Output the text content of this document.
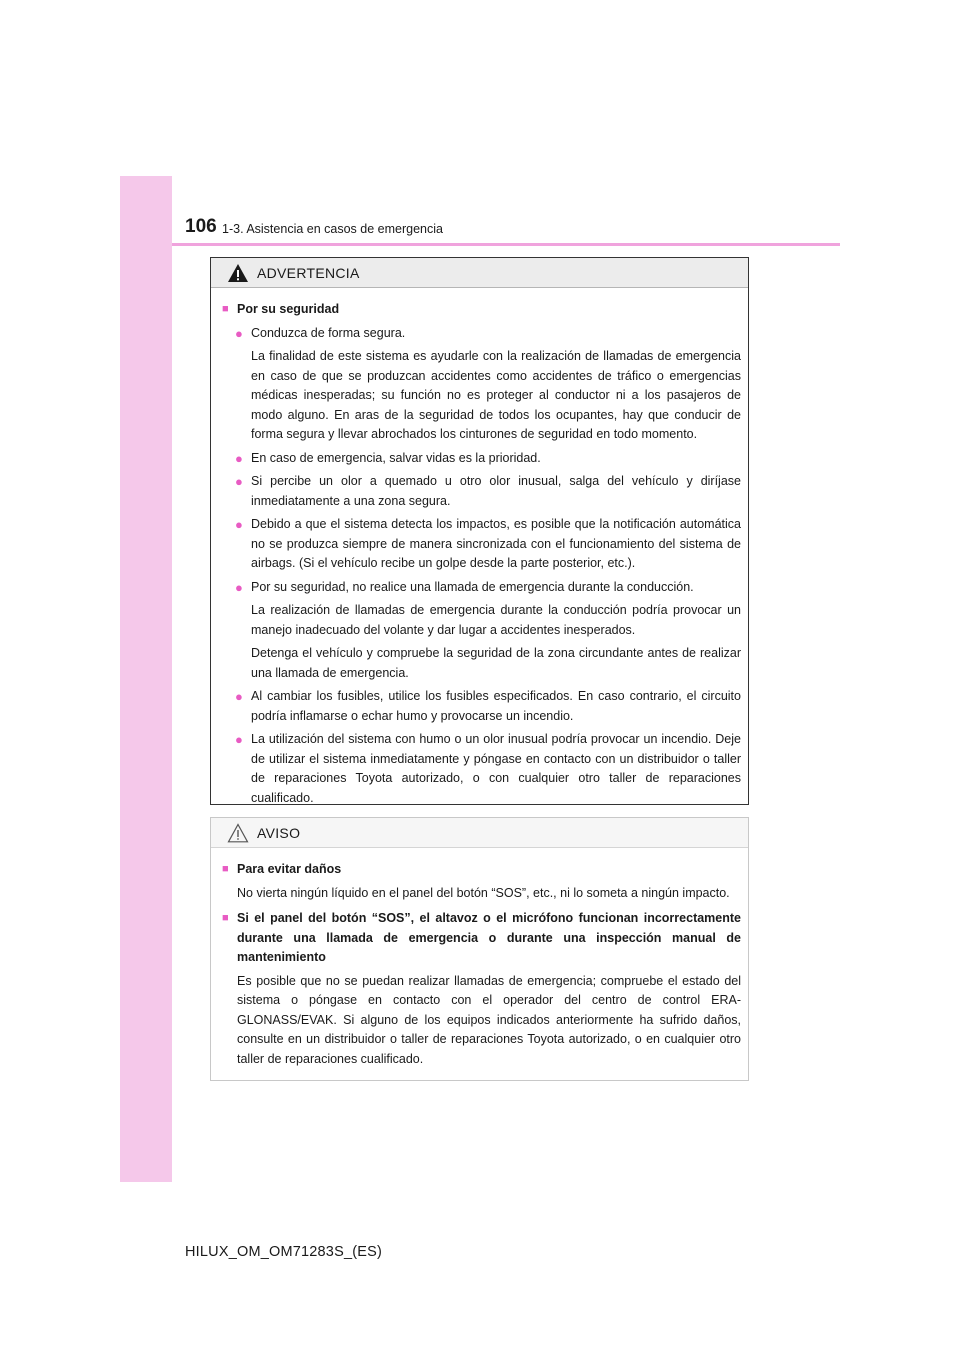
106 1-3. Asistencia en casos de emergencia
ADVERTENCIA
■ Por su seguridad
● Conduzca de forma segura.
La finalidad de este sistema es ayudarle con la realización de llamadas de emergencia en caso de que se produzcan accidentes como accidentes de tráfico o emergencias médicas inesperadas; su función no es proteger al conductor ni a los pasajeros de modo alguno. En aras de la seguridad de todos los ocupantes, hay que conducir de forma segura y llevar abrochados los cinturones de seguridad en todo momento.
● En caso de emergencia, salvar vidas es la prioridad.
● Si percibe un olor a quemado u otro olor inusual, salga del vehículo y diríjase inmediatamente a una zona segura.
● Debido a que el sistema detecta los impactos, es posible que la notificación automática no se produzca siempre de manera sincronizada con el funcionamiento del sistema de airbags. (Si el vehículo recibe un golpe desde la parte posterior, etc.).
● Por su seguridad, no realice una llamada de emergencia durante la conducción.
La realización de llamadas de emergencia durante la conducción podría provocar un manejo inadecuado del volante y dar lugar a accidentes inesperados.
Detenga el vehículo y compruebe la seguridad de la zona circundante antes de realizar una llamada de emergencia.
● Al cambiar los fusibles, utilice los fusibles especificados. En caso contrario, el circuito podría inflamarse o echar humo y provocarse un incendio.
● La utilización del sistema con humo o un olor inusual podría provocar un incendio. Deje de utilizar el sistema inmediatamente y póngase en contacto con un distribuidor o taller de reparaciones Toyota autorizado, o con cualquier otro taller de reparaciones cualificado.
AVISO
■ Para evitar daños
No vierta ningún líquido en el panel del botón “SOS”, etc., ni lo someta a ningún impacto.
■ Si el panel del botón “SOS”, el altavoz o el micrófono funcionan incorrectamente durante una llamada de emergencia o durante una inspección manual de mantenimiento
Es posible que no se puedan realizar llamadas de emergencia; compruebe el estado del sistema o póngase en contacto con el operador del centro de control ERA-GLONASS/EVAK. Si alguno de los equipos indicados anteriormente ha sufrido daños, consulte en un distribuidor o taller de reparaciones Toyota autorizado, o en cualquier otro taller de reparaciones cualificado.
HILUX_OM_OM71283S_(ES)
